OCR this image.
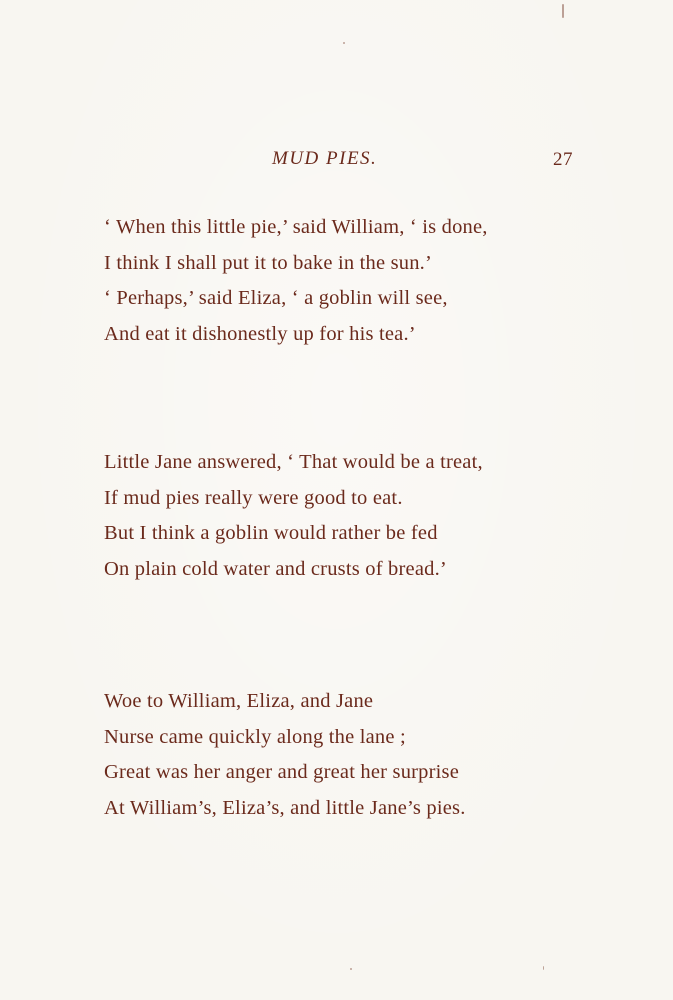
MUD PIES.	27
‘ When this little pie,’ said William, ‘ is done,
I think I shall put it to bake in the sun.’
‘ Perhaps,’ said Eliza, ‘ a goblin will see,
And eat it dishonestly up for his tea.’
Little Jane answered, ‘ That would be a treat,
If mud pies really were good to eat.
But I think a goblin would rather be fed
On plain cold water and crusts of bread.’
Woe to William, Eliza, and Jane
Nurse came quickly along the lane ;
Great was her anger and great her surprise
At William’s, Eliza’s, and little Jane’s pies.
